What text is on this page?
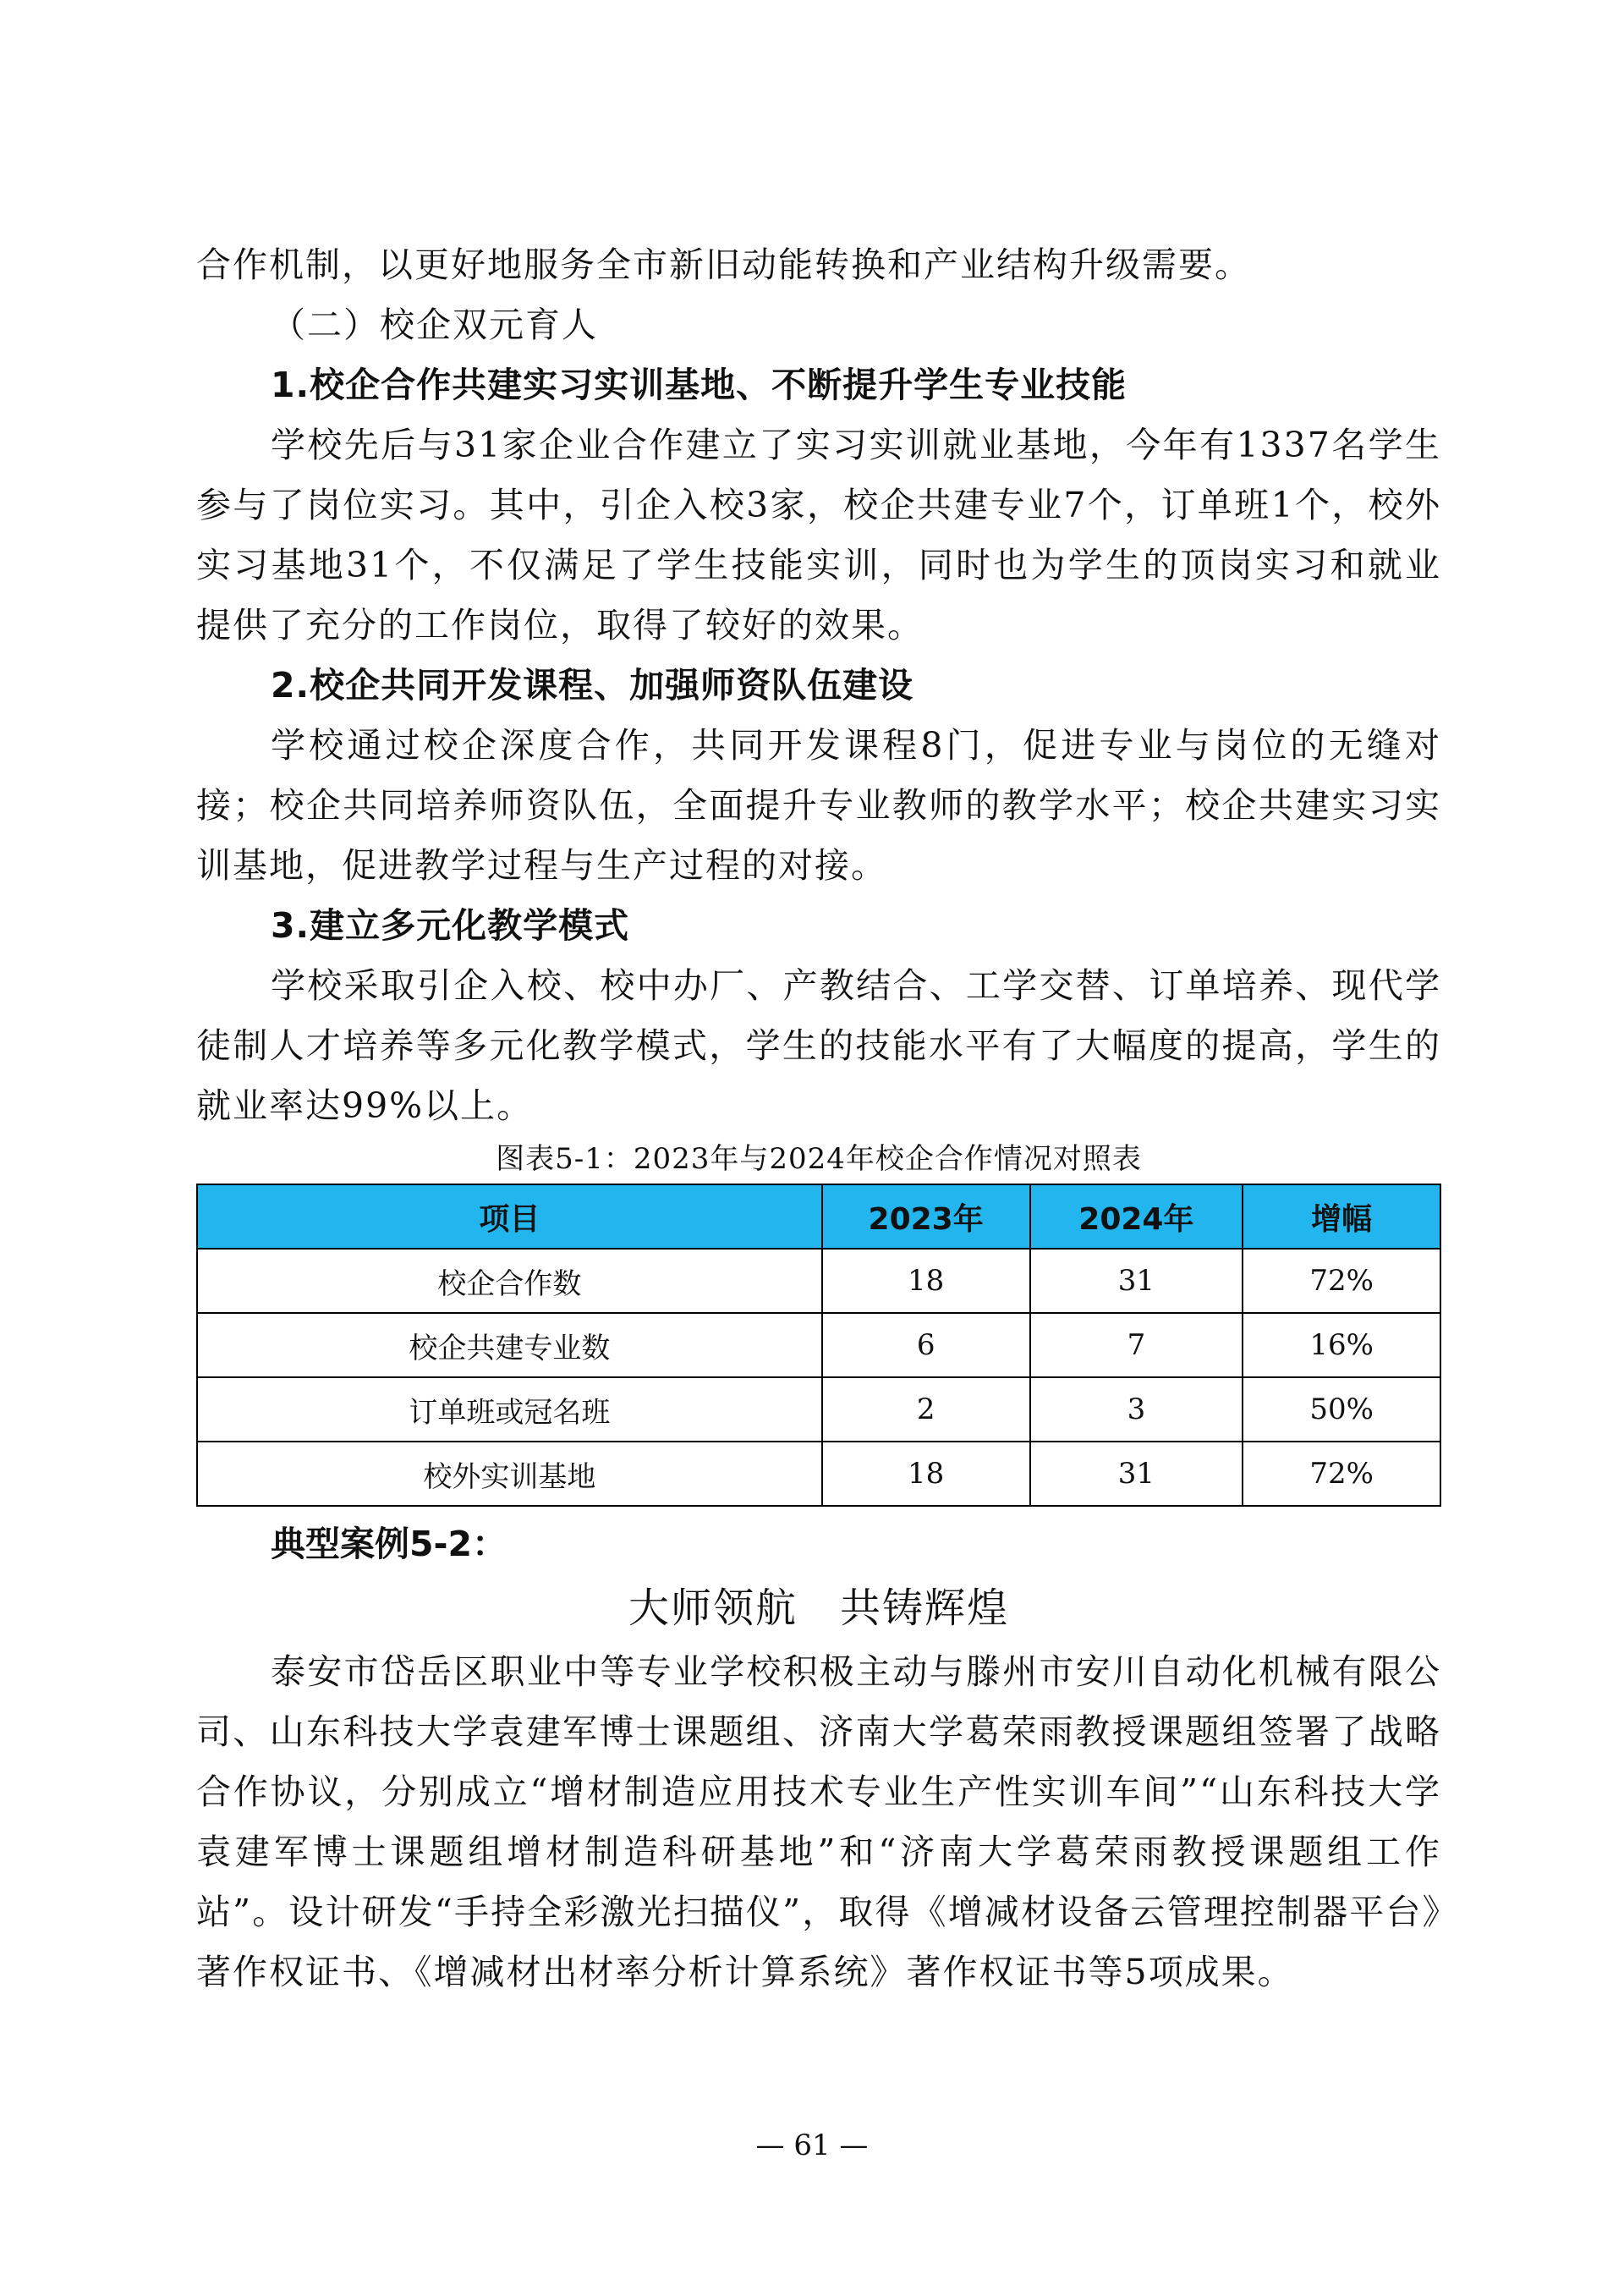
合作机制，以更好地服务全市新旧动能转换和产业结构升级需要。

（二）校企双元育人

1.校企合作共建实习实训基地、不断提升学生专业技能

学校先后与31家企业合作建立了实习实训就业基地，今年有1337名学生参与了岗位实习。其中，引企入校3家，校企共建专业7个，订单班1个，校外实习基地31个，不仅满足了学生技能实训，同时也为学生的顶岗实习和就业提供了充分的工作岗位，取得了较好的效果。

2.校企共同开发课程、加强师资队伍建设

学校通过校企深度合作，共同开发课程8门，促进专业与岗位的无缝对接；校企共同培养师资队伍，全面提升专业教师的教学水平；校企共建实习实训基地，促进教学过程与生产过程的对接。

3.建立多元化教学模式

学校采取引企入校、校中办厂、产教结合、工学交替、订单培养、现代学徒制人才培养等多元化教学模式，学生的技能水平有了大幅度的提高，学生的就业率达99%以上。

图表5-1：2023年与2024年校企合作情况对照表
项目	2023年	2024年	增幅
校企合作数	18	31	72%
校企共建专业数	6	7	16%
订单班或冠名班	2	3	50%
校外实训基地	18	31	72%

典型案例5-2：

大师领航　共铸辉煌

泰安市岱岳区职业中等专业学校积极主动与滕州市安川自动化机械有限公司、山东科技大学袁建军博士课题组、济南大学葛荣雨教授课题组签署了战略合作协议，分别成立“增材制造应用技术专业生产性实训车间”“山东科技大学袁建军博士课题组增材制造科研基地”和“济南大学葛荣雨教授课题组工作站”。设计研发“手持全彩激光扫描仪”，取得《增减材设备云管理控制器平台》著作权证书、《增减材出材率分析计算系统》著作权证书等5项成果。

— 61 —
